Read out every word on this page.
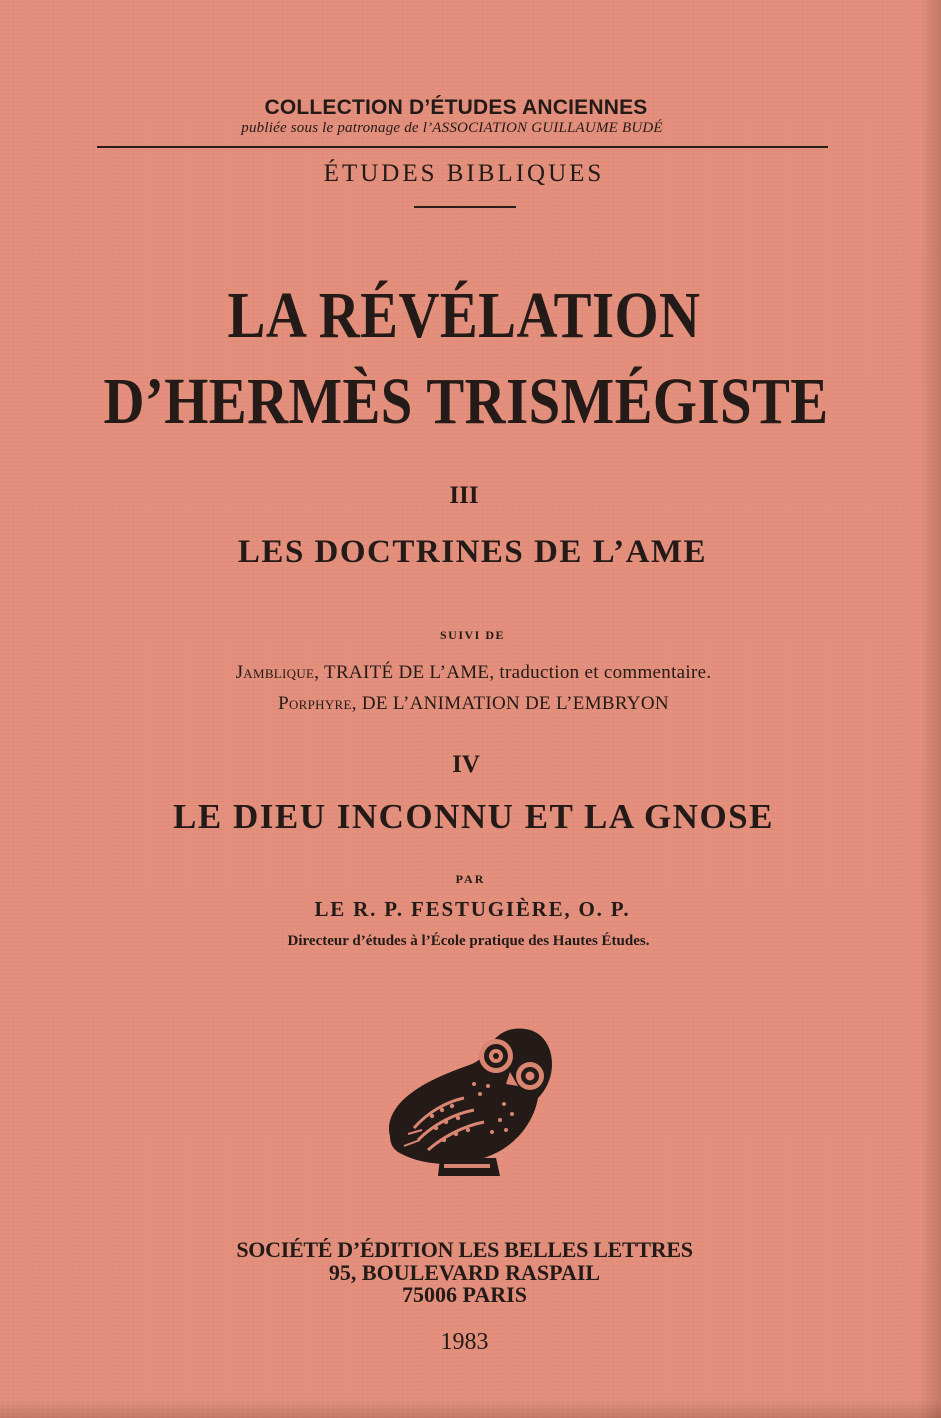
COLLECTION D’ÉTUDES ANCIENNES
publiée sous le patronage de l’ASSOCIATION GUILLAUME BUDÉ
ÉTUDES BIBLIQUES
LA RÉVÉLATION
D’HERMÈS TRISMÉGISTE
III
LES DOCTRINES DE L’AME
SUIVI DE
Jamblique, TRAITÉ DE L’AME, traduction et commentaire.
Porphyre, DE L’ANIMATION DE L’EMBRYON
IV
LE DIEU INCONNU ET LA GNOSE
PAR
LE R. P. FESTUGIÈRE, O. P.
Directeur d’études à l’École pratique des Hautes Études.
SOCIÉTÉ D’ÉDITION LES BELLES LETTRES
95, BOULEVARD RASPAIL
75006 PARIS
1983
